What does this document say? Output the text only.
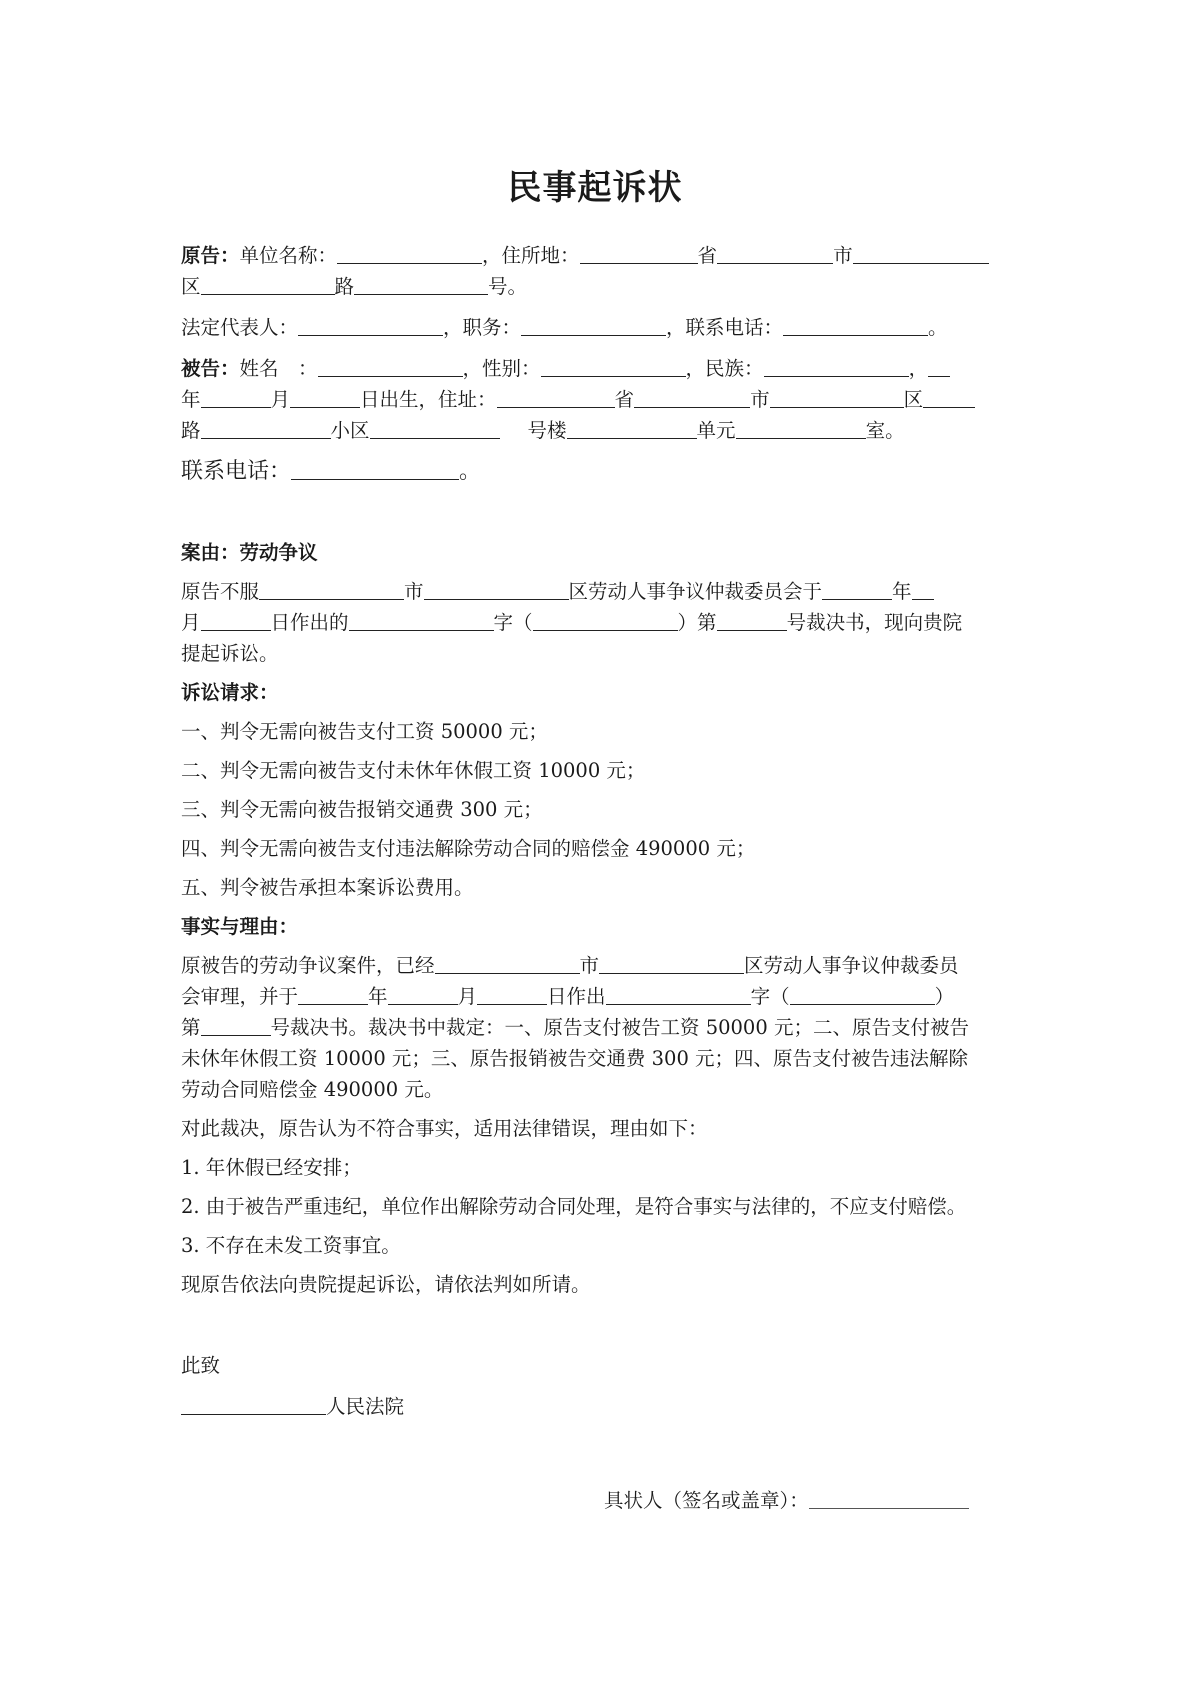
民事起诉状
原告：单位名称：	，住所地：	省	市
区	路	号。
法定代表人：	，职务：	，联系电话：	。
被告：姓名　：	，性别：	，民族：	，
年	月	日出生，住址：	省	市	区
路	小区	号楼	单元	室。
联系电话：	。
案由：劳动争议
原告不服	市	区劳动人事争议仲裁委员会于	年
月	日作出的	字（	）第	号裁决书，现向贵院
提起诉讼。
诉讼请求：
一、判令无需向被告支付工资 50000 元；
二、判令无需向被告支付未休年休假工资 10000 元；
三、判令无需向被告报销交通费 300 元；
四、判令无需向被告支付违法解除劳动合同的赔偿金 490000 元；
五、判令被告承担本案诉讼费用。
事实与理由：
原被告的劳动争议案件，已经	市	区劳动人事争议仲裁委员
会审理，并于	年	月	日作出	字（	）
第	号裁决书。裁决书中裁定：一、原告支付被告工资 50000 元；二、原告支付被告
未休年休假工资 10000 元；三、原告报销被告交通费 300 元；四、原告支付被告违法解除
劳动合同赔偿金 490000 元。
对此裁决，原告认为不符合事实，适用法律错误，理由如下：
1. 年休假已经安排；
2. 由于被告严重违纪，单位作出解除劳动合同处理，是符合事实与法律的，不应支付赔偿。
3. 不存在未发工资事宜。
现原告依法向贵院提起诉讼，请依法判如所请。
此致
人民法院
具状人（签名或盖章）：
